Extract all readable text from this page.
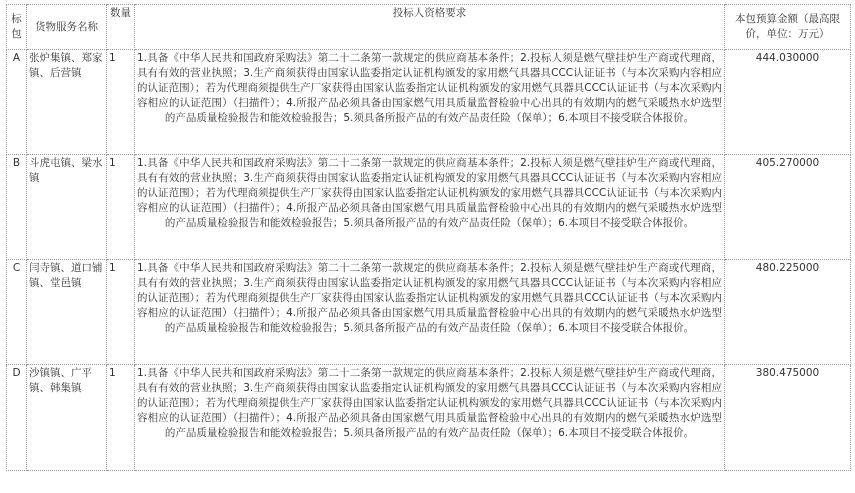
标包	货物服务名称	数量	投标人资格要求	本包预算金额（最高限价，单位：万元）
A	张炉集镇、郑家镇、后营镇	1	1.具备《中华人民共和国政府采购法》第二十二条第一款规定的供应商基本条件；2.投标人须是燃气壁挂炉生产商或代理商，具有有效的营业执照；3.生产商须获得由国家认监委指定认证机构颁发的家用燃气具器具CCC认证证书（与本次采购内容相应的认证范围）；若为代理商须提供生产厂家获得由国家认监委指定认证机构颁发的家用燃气具器具CCC认证证书（与本次采购内容相应的认证范围）（扫描件）；4.所报产品必须具备由国家燃气用具质量监督检验中心出具的有效期内的燃气采暖热水炉选型的产品质量检验报告和能效检验报告；5.须具备所报产品的有效产品责任险（保单）；6.本项目不接受联合体报价。	444.030000
B	斗虎屯镇、梁水镇	1	1.具备《中华人民共和国政府采购法》第二十二条第一款规定的供应商基本条件；2.投标人须是燃气壁挂炉生产商或代理商，具有有效的营业执照；3.生产商须获得由国家认监委指定认证机构颁发的家用燃气具器具CCC认证证书（与本次采购内容相应的认证范围）；若为代理商须提供生产厂家获得由国家认监委指定认证机构颁发的家用燃气具器具CCC认证证书（与本次采购内容相应的认证范围）（扫描件）；4.所报产品必须具备由国家燃气用具质量监督检验中心出具的有效期内的燃气采暖热水炉选型的产品质量检验报告和能效检验报告；5.须具备所报产品的有效产品责任险（保单）；6.本项目不接受联合体报价。	405.270000
C	闫寺镇、道口铺镇、堂邑镇	1	1.具备《中华人民共和国政府采购法》第二十二条第一款规定的供应商基本条件；2.投标人须是燃气壁挂炉生产商或代理商，具有有效的营业执照；3.生产商须获得由国家认监委指定认证机构颁发的家用燃气具器具CCC认证证书（与本次采购内容相应的认证范围）；若为代理商须提供生产厂家获得由国家认监委指定认证机构颁发的家用燃气具器具CCC认证证书（与本次采购内容相应的认证范围）（扫描件）；4.所报产品必须具备由国家燃气用具质量监督检验中心出具的有效期内的燃气采暖热水炉选型的产品质量检验报告和能效检验报告；5.须具备所报产品的有效产品责任险（保单）；6.本项目不接受联合体报价。	480.225000
D	沙镇镇、广平镇、韩集镇	1	1.具备《中华人民共和国政府采购法》第二十二条第一款规定的供应商基本条件；2.投标人须是燃气壁挂炉生产商或代理商，具有有效的营业执照；3.生产商须获得由国家认监委指定认证机构颁发的家用燃气具器具CCC认证证书（与本次采购内容相应的认证范围）；若为代理商须提供生产厂家获得由国家认监委指定认证机构颁发的家用燃气具器具CCC认证证书（与本次采购内容相应的认证范围）（扫描件）；4.所报产品必须具备由国家燃气用具质量监督检验中心出具的有效期内的燃气采暖热水炉选型的产品质量检验报告和能效检验报告；5.须具备所报产品的有效产品责任险（保单）；6.本项目不接受联合体报价。	380.475000
